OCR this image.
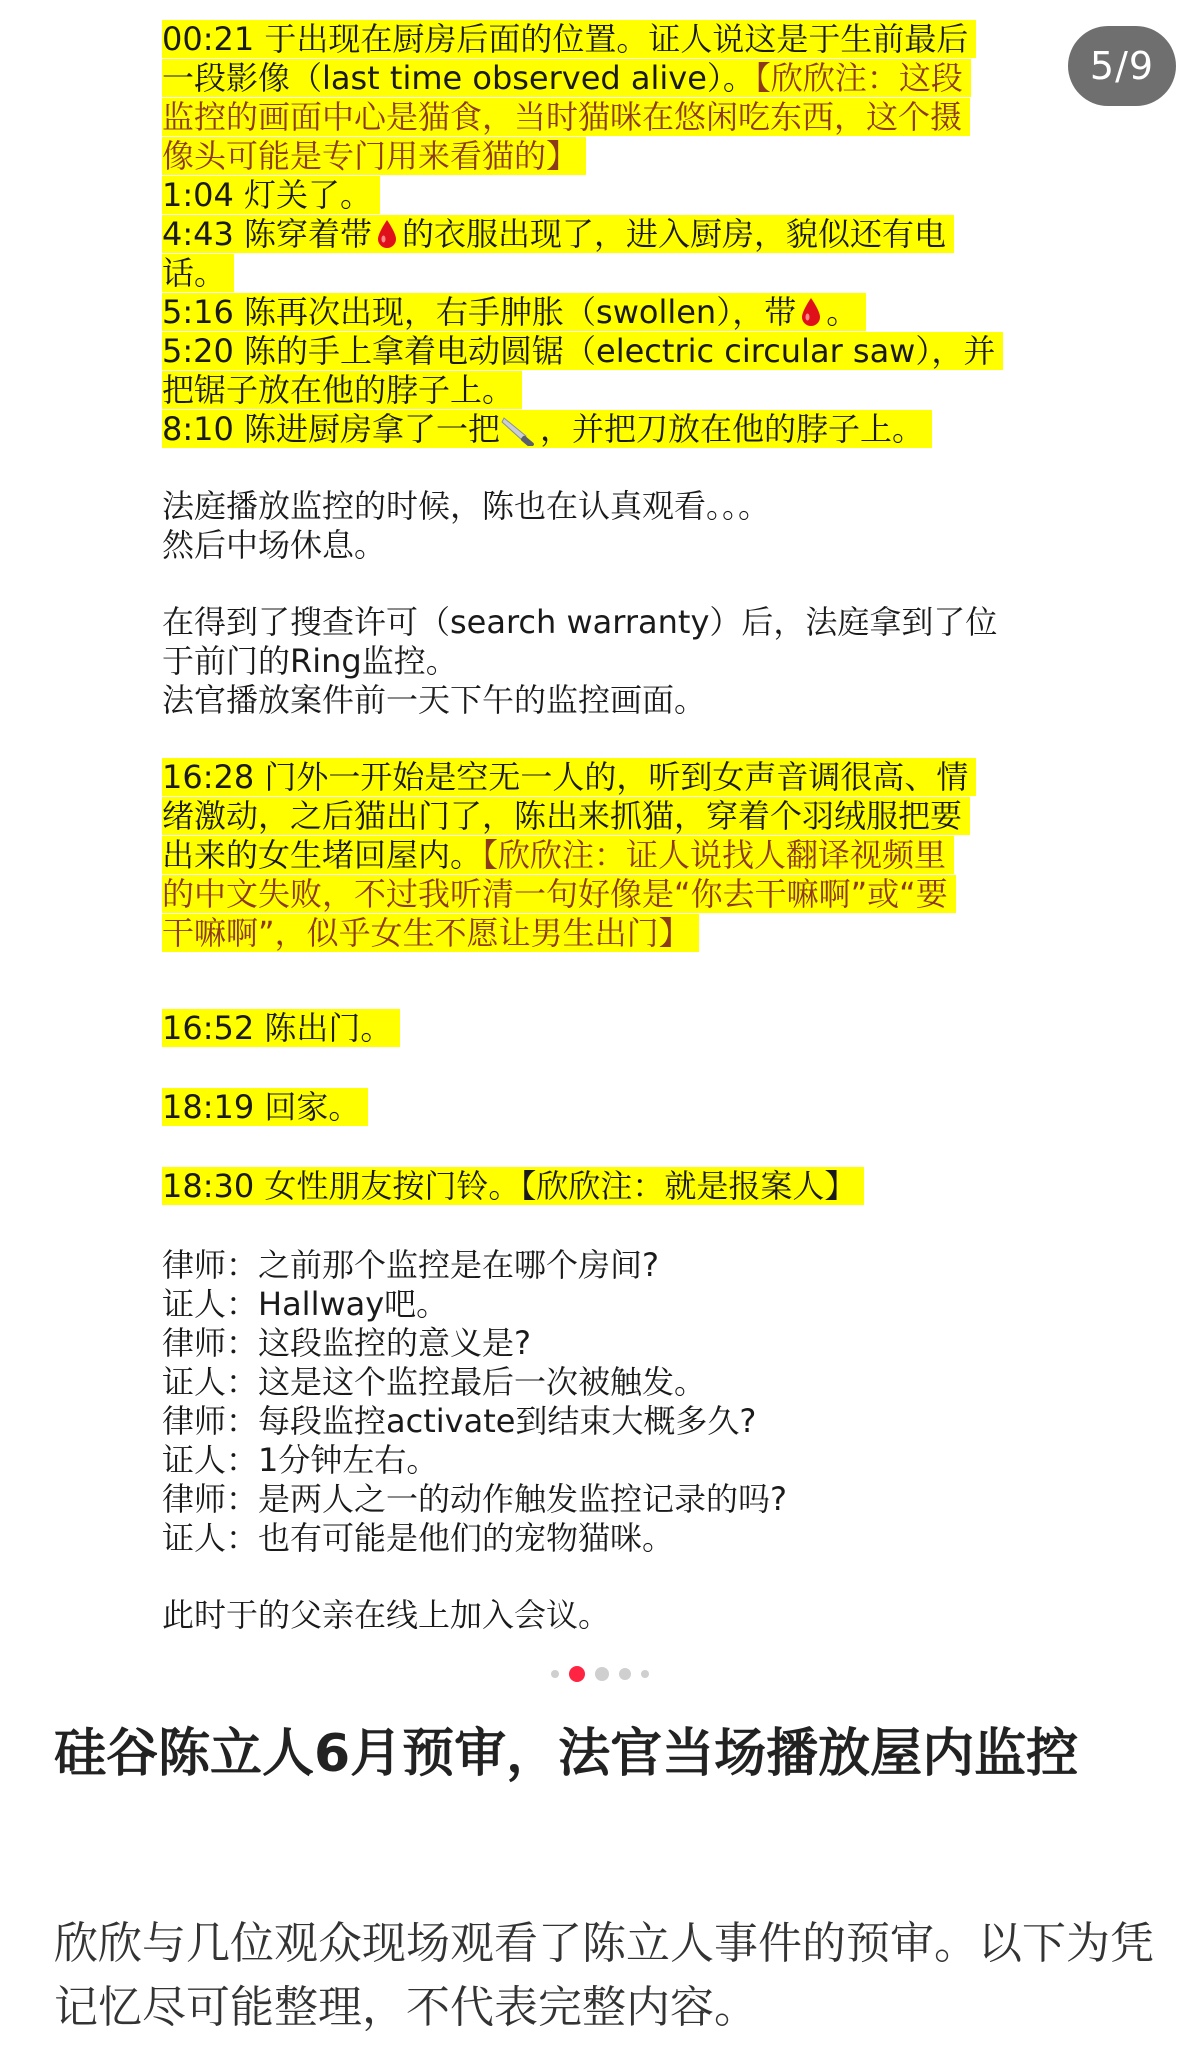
5/9
00:21 于出现在厨房后面的位置。证人说这是于生前最后
一段影像（last time observed alive）。【欣欣注：这段
监控的画面中心是猫食，当时猫咪在悠闲吃东西，这个摄
像头可能是专门用来看猫的】
1:04 灯关了。
4:43 陈穿着带 的衣服出现了，进入厨房，貌似还有电
话。
5:16 陈再次出现，右手肿胀（swollen），带 。
5:20 陈的手上拿着电动圆锯（electric circular saw），并
把锯子放在他的脖子上。
8:10 陈进厨房拿了一把 ，并把刀放在他的脖子上。
法庭播放监控的时候，陈也在认真观看。。。
然后中场休息。
在得到了搜查许可（search warranty）后，法庭拿到了位
于前门的Ring监控。
法官播放案件前一天下午的监控画面。
16:28 门外一开始是空无一人的，听到女声音调很高、情
绪激动，之后猫出门了，陈出来抓猫，穿着个羽绒服把要
出来的女生堵回屋内。【欣欣注：证人说找人翻译视频里
的中文失败，不过我听清一句好像是“你去干嘛啊”或“要
干嘛啊”，似乎女生不愿让男生出门】
16:52 陈出门。
18:19 回家。
18:30 女性朋友按门铃。【欣欣注：就是报案人】
律师：之前那个监控是在哪个房间?
证人：Hallway吧。
律师：这段监控的意义是?
证人：这是这个监控最后一次被触发。
律师：每段监控activate到结束大概多久?
证人：1分钟左右。
律师：是两人之一的动作触发监控记录的吗?
证人：也有可能是他们的宠物猫咪。
此时于的父亲在线上加入会议。
硅谷陈立人6月预审，法官当场播放屋内监控
欣欣与几位观众现场观看了陈立人事件的预审。以下为凭记忆尽可能整理，不代表完整内容。
